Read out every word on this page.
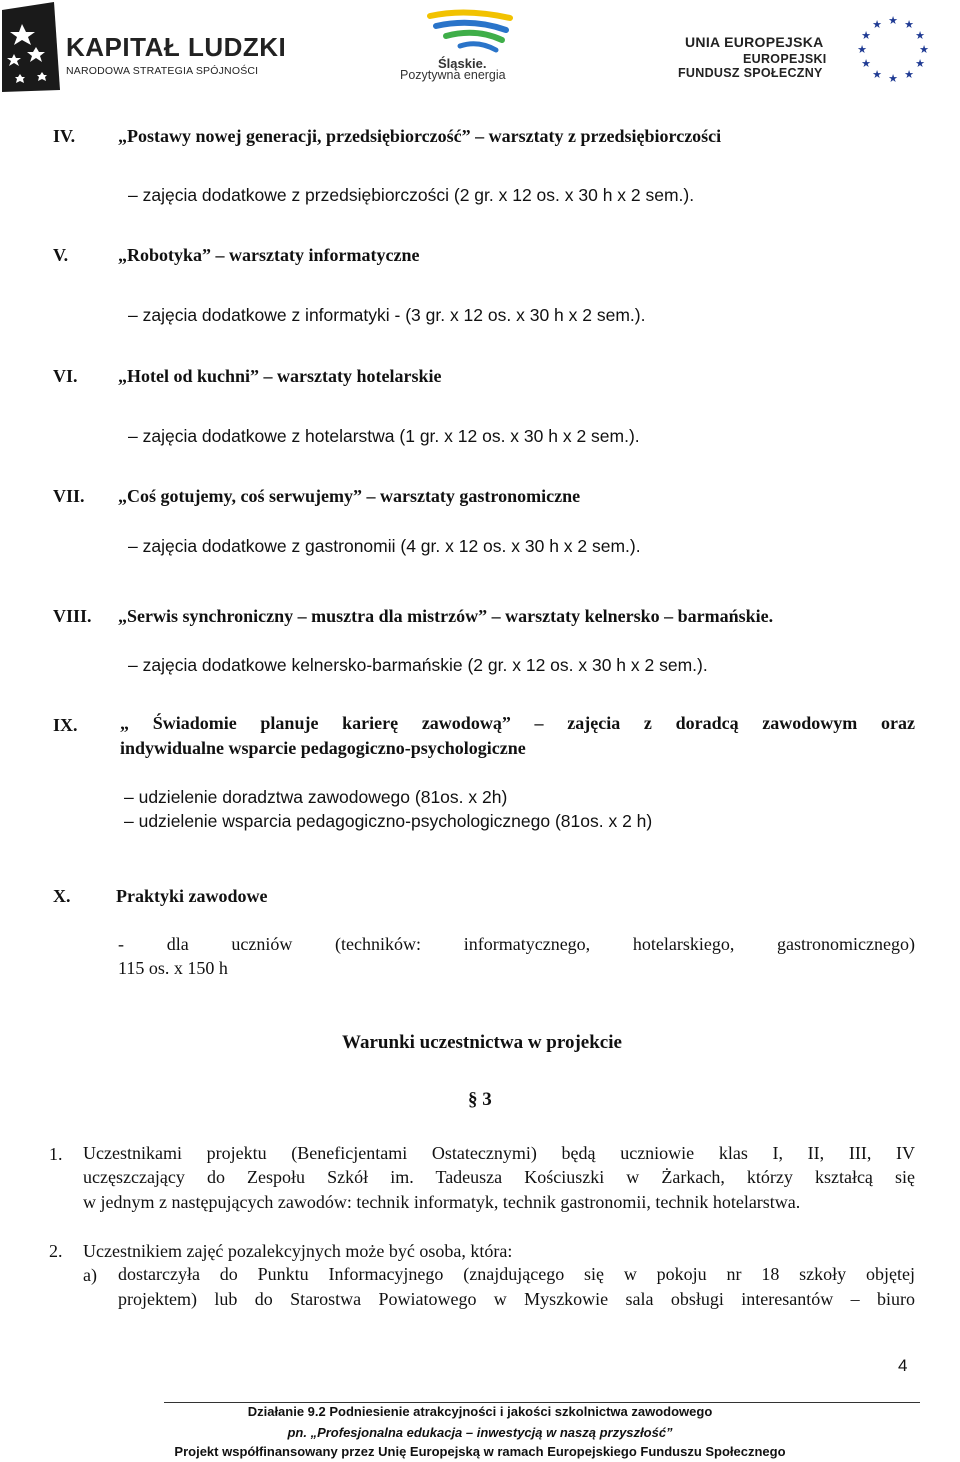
KAPITAŁ LUDZKI
NARODOWA STRATEGIA SPÓJNOŚCI	Śląskie.
Pozytywna energia
UNIA EUROPEJSKA
EUROPEJSKI
FUNDUSZ SPOŁECZNY
★ ★
★
★
★
★
★
★
★
★
★
★
IV. „Postawy nowej generacji, przedsiębiorczość” – warsztaty z przedsiębiorczości
– zajęcia dodatkowe z przedsiębiorczości (2 gr. x 12 os. x 30 h x 2 sem.).
V.	„Robotyka” – warsztaty informatyczne
– zajęcia dodatkowe z informatyki - (3 gr. x 12 os. x 30 h x 2 sem.).
VI. „Hotel od kuchni” – warsztaty hotelarskie
– zajęcia dodatkowe z hotelarstwa (1 gr. x 12 os. x 30 h x 2 sem.).
VII. „Coś gotujemy, coś serwujemy” – warsztaty gastronomiczne
– zajęcia dodatkowe z gastronomii (4 gr. x 12 os. x 30 h x 2 sem.).
VIII. „Serwis synchroniczny – musztra dla mistrzów” – warsztaty kelnersko – barmańskie.
– zajęcia dodatkowe kelnersko-barmańskie (2 gr. x 12 os. x 30 h x 2 sem.).
IX. „ Świadomie planuje karierę zawodową” – zajęcia z doradcą zawodowym oraz
indywidualne wsparcie pedagogiczno-psychologiczne
– udzielenie doradztwa zawodowego (81os. x 2h)
– udzielenie wsparcia pedagogiczno-psychologicznego (81os. x 2 h)
X.	Praktyki zawodowe
- dla uczniów (techników: informatycznego, hotelarskiego, gastronomicznego)
115 os. x 150 h
Warunki uczestnictwa w projekcie
§ 3
1. Uczestnikami projektu (Beneficjentami Ostatecznymi) będą uczniowie klas I, II, III, IV
uczęszczający do Zespołu Szkół im. Tadeusza Kościuszki w Żarkach, którzy kształcą się
w jednym z następujących zawodów: technik informatyk, technik gastronomii, technik hotelarstwa.
2. Uczestnikiem zajęć pozalekcyjnych może być osoba, która:
a) dostarczyła do Punktu Informacyjnego (znajdującego się w pokoju nr 18 szkoły objętej
projektem) lub do Starostwa Powiatowego w Myszkowie sala obsługi interesantów – biuro
4
Działanie 9.2 Podniesienie atrakcyjności i jakości szkolnictwa zawodowego
pn. „Profesjonalna edukacja – inwestycją w naszą przyszłość”
Projekt współfinansowany przez Unię Europejską w ramach Europejskiego Funduszu Społecznego
